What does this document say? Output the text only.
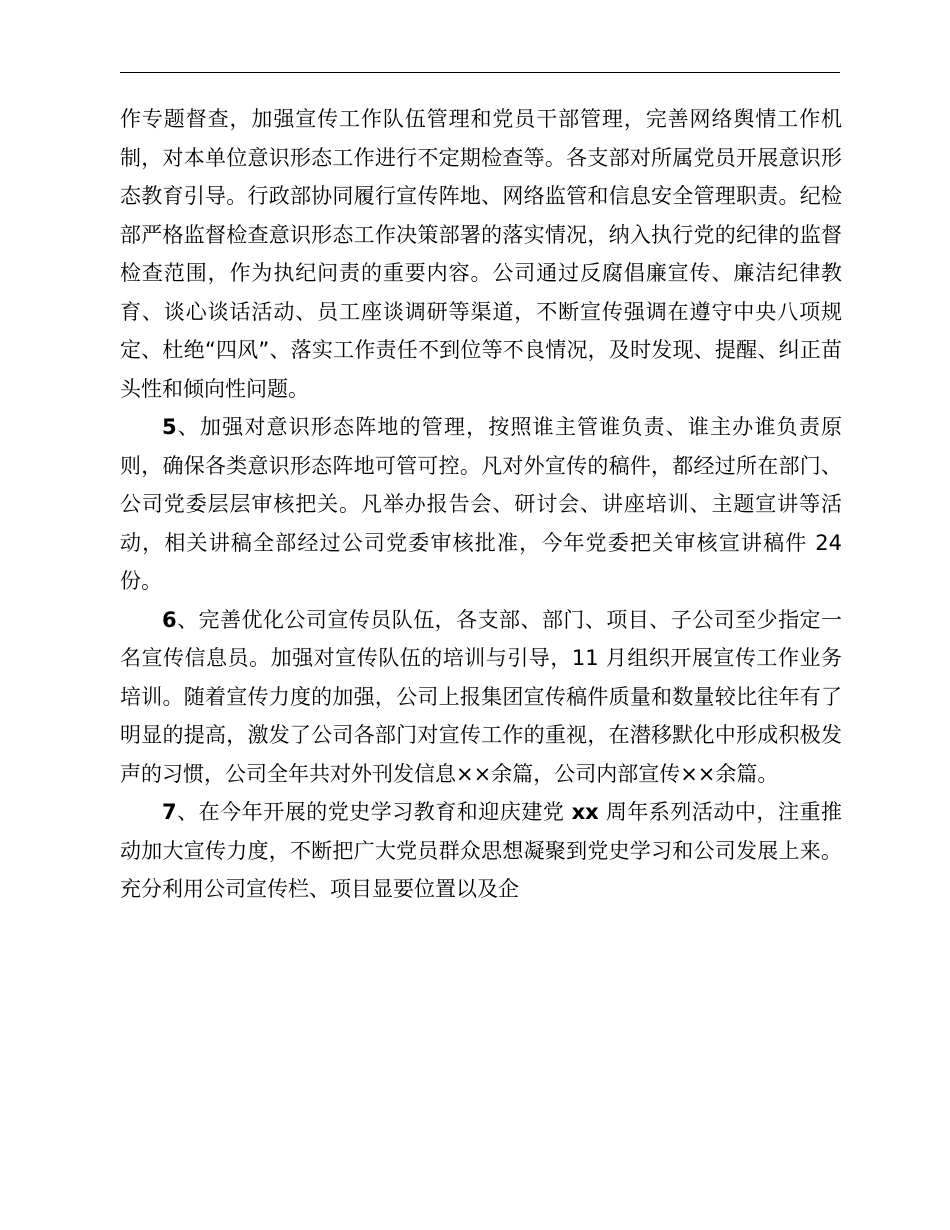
作专题督查，加强宣传工作队伍管理和党员干部管理，完善网络舆情工作机制，对本单位意识形态工作进行不定期检查等。各支部对所属党员开展意识形态教育引导。行政部协同履行宣传阵地、网络监管和信息安全管理职责。纪检部严格监督检查意识形态工作决策部署的落实情况，纳入执行党的纪律的监督检查范围，作为执纪问责的重要内容。公司通过反腐倡廉宣传、廉洁纪律教育、谈心谈话活动、员工座谈调研等渠道，不断宣传强调在遵守中央八项规定、杜绝“四风”、落实工作责任不到位等不良情况，及时发现、提醒、纠正苗头性和倾向性问题。

5、加强对意识形态阵地的管理，按照谁主管谁负责、谁主办谁负责原则，确保各类意识形态阵地可管可控。凡对外宣传的稿件，都经过所在部门、公司党委层层审核把关。凡举办报告会、研讨会、讲座培训、主题宣讲等活动，相关讲稿全部经过公司党委审核批准，今年党委把关审核宣讲稿件 24 份。

6、完善优化公司宣传员队伍，各支部、部门、项目、子公司至少指定一名宣传信息员。加强对宣传队伍的培训与引导，11 月组织开展宣传工作业务培训。随着宣传力度的加强，公司上报集团宣传稿件质量和数量较比往年有了明显的提高，激发了公司各部门对宣传工作的重视，在潜移默化中形成积极发声的习惯，公司全年共对外刊发信息××余篇，公司内部宣传××余篇。

7、在今年开展的党史学习教育和迎庆建党 xx 周年系列活动中，注重推动加大宣传力度，不断把广大党员群众思想凝聚到党史学习和公司发展上来。充分利用公司宣传栏、项目显要位置以及企
